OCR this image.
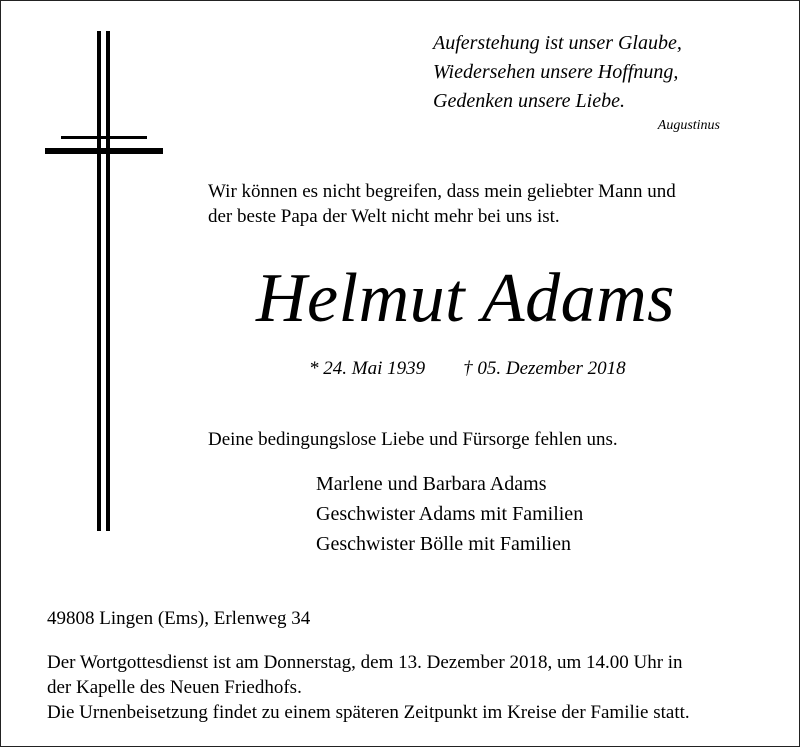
Auferstehung ist unser Glaube,
Wiedersehen unsere Hoffnung,
Gedenken unsere Liebe.
Augustinus
Wir können es nicht begreifen, dass mein geliebter Mann und
der beste Papa der Welt nicht mehr bei uns ist.
Helmut Adams
* 24. Mai 1939 † 05. Dezember 2018
Deine bedingungslose Liebe und Fürsorge fehlen uns.
Marlene und Barbara Adams
Geschwister Adams mit Familien
Geschwister Bölle mit Familien
49808 Lingen (Ems), Erlenweg 34
Der Wortgottesdienst ist am Donnerstag, dem 13. Dezember 2018, um 14.00 Uhr in
der Kapelle des Neuen Friedhofs.
Die Urnenbeisetzung findet zu einem späteren Zeitpunkt im Kreise der Familie statt.
